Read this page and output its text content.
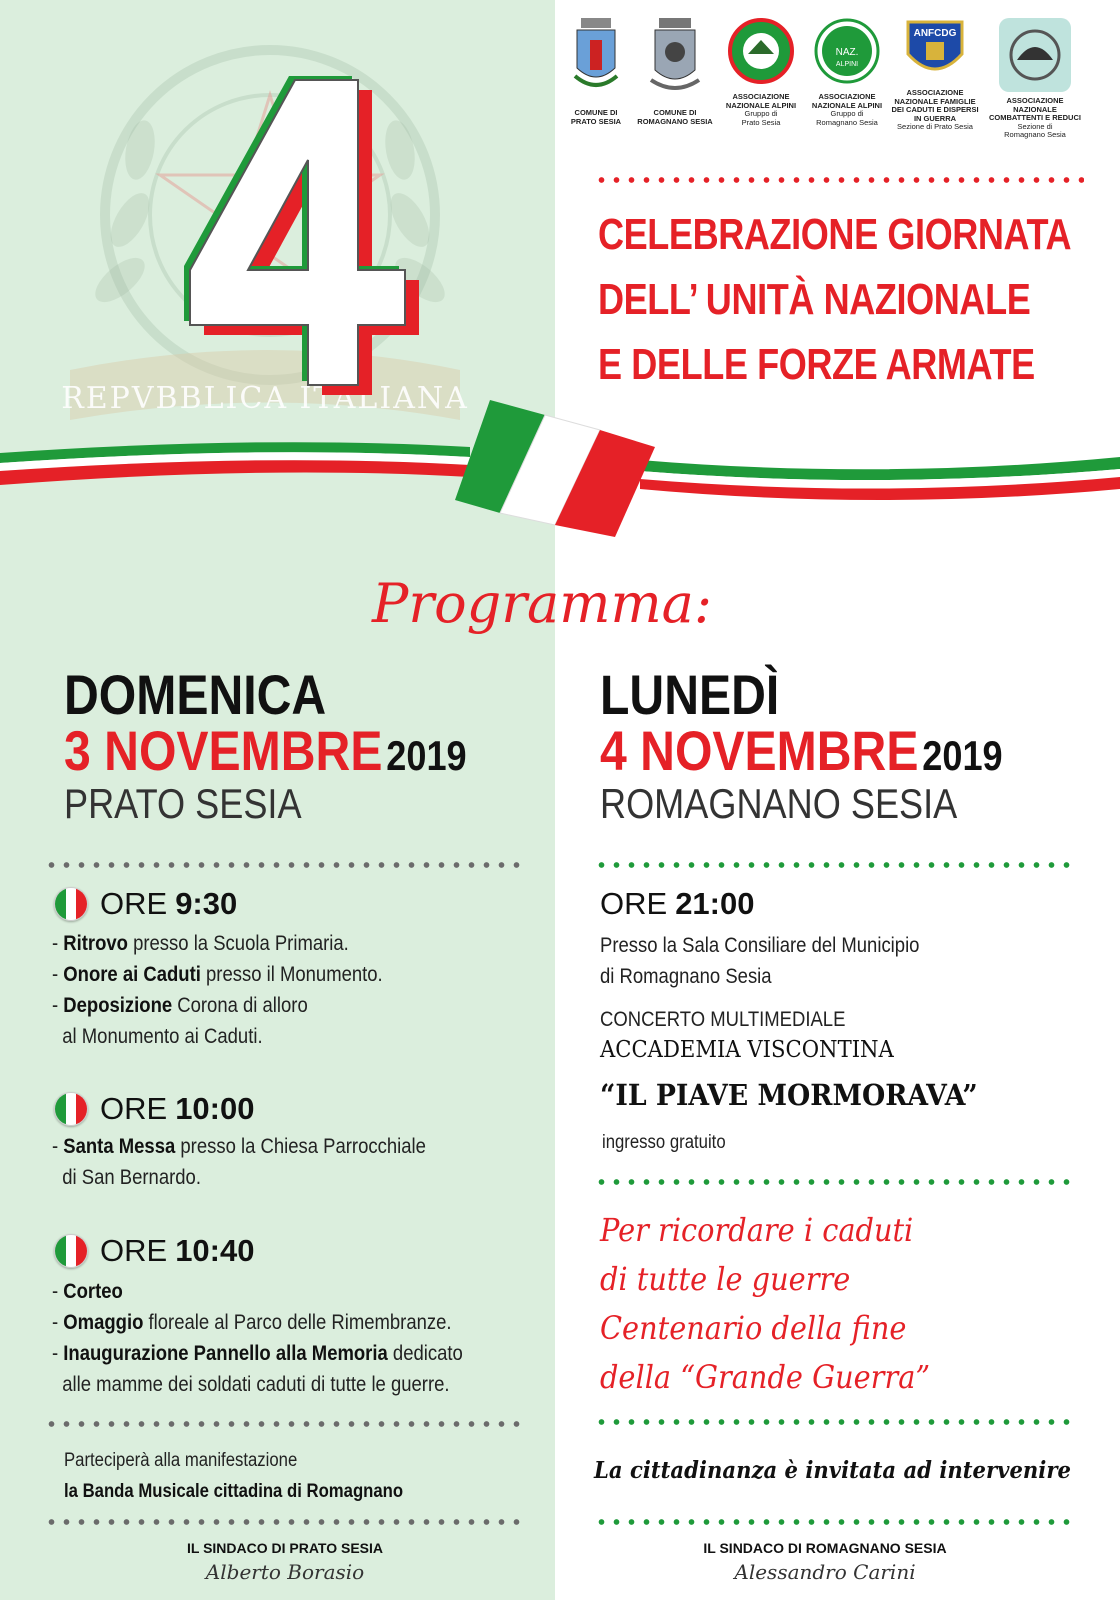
REPVBBLICA ITALIANA
COMUNE DI
PRATO SESIA
COMUNE DI
ROMAGNANO SESIA
ASSOCIAZIONE
NAZIONALE ALPINI
Gruppo di
Prato Sesia
NAZ.
ALPINI
ASSOCIAZIONE
NAZIONALE ALPINI
Gruppo di
Romagnano Sesia
ANFCDG
ASSOCIAZIONE
NAZIONALE FAMIGLIE
DEI CADUTI E DISPERSI
IN GUERRA
Sezione di Prato Sesia
ASSOCIAZIONE
NAZIONALE
COMBATTENTI E REDUCI
Sezione di
Romagnano Sesia
CELEBRAZIONE GIORNATA
DELL’ UNITÀ NAZIONALE
E DELLE FORZE ARMATE
Programma:
DOMENICA
3 NOVEMBRE 2019
PRATO SESIA
ORE 9:30
- Ritrovo presso la Scuola Primaria.
- Onore ai Caduti presso il Monumento.
- Deposizione Corona di alloro
al Monumento ai Caduti.
ORE 10:00
- Santa Messa presso la Chiesa Parrocchiale
di San Bernardo.
ORE 10:40
- Corteo
- Omaggio floreale al Parco delle Rimembranze.
- Inaugurazione Pannello alla Memoria dedicato
alle mamme dei soldati caduti di tutte le guerre.
Parteciperà alla manifestazione
la Banda Musicale cittadina di Romagnano
IL SINDACO DI PRATO SESIA
Alberto Borasio
LUNEDÌ
4 NOVEMBRE 2019
ROMAGNANO SESIA
ORE 21:00
Presso la Sala Consiliare del Municipio
di Romagnano Sesia
CONCERTO MULTIMEDIALE
ACCADEMIA VISCONTINA
“IL PIAVE MORMORAVA”
ingresso gratuito
Per ricordare i caduti
di tutte le guerre
Centenario della fine
della “Grande Guerra”
La cittadinanza è invitata ad intervenire
IL SINDACO DI ROMAGNANO SESIA
Alessandro Carini
